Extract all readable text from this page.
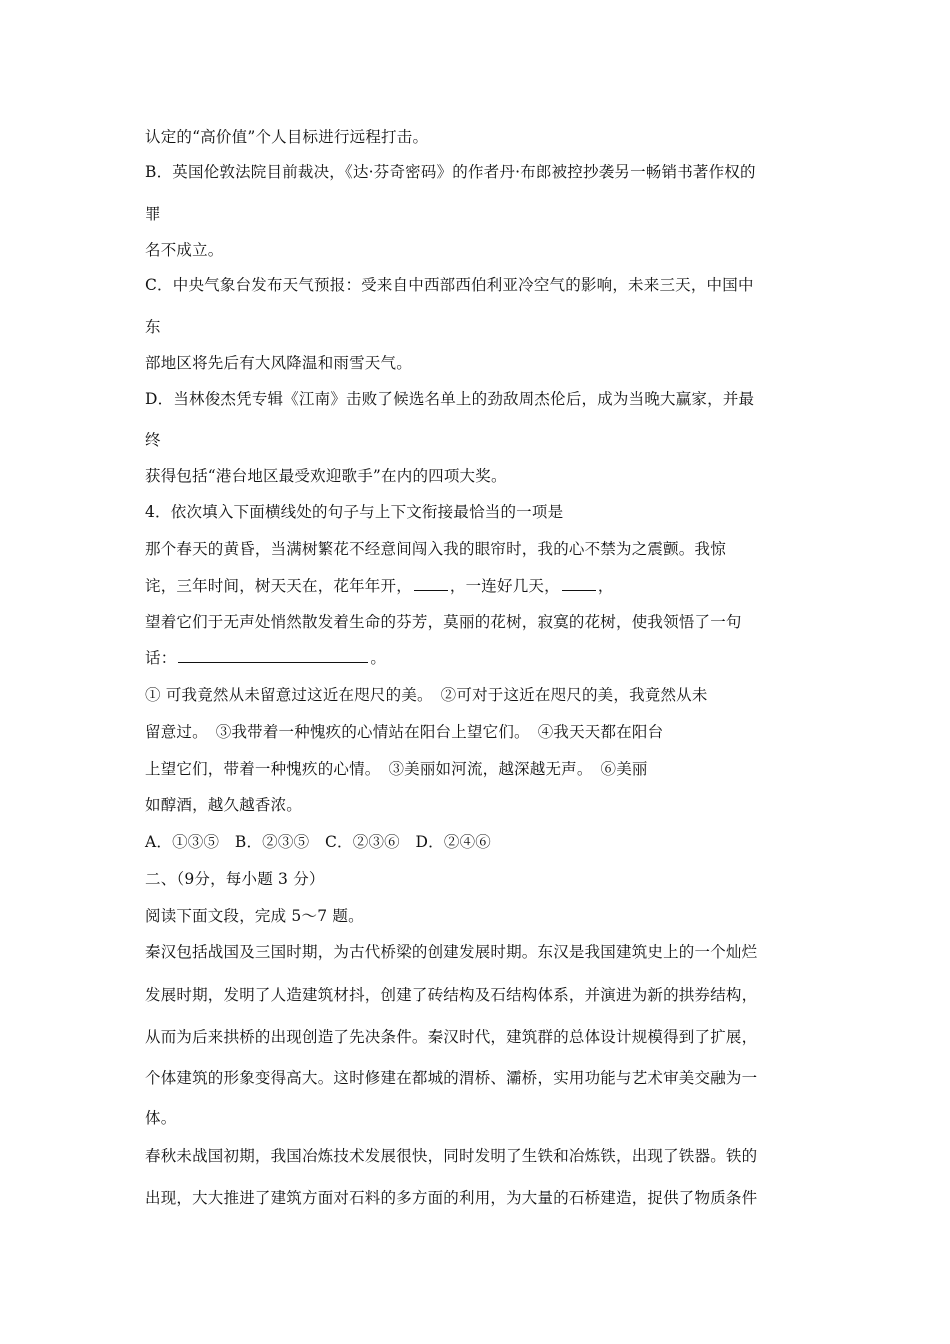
认定的“高价值”个人目标进行远程打击。
B．英国伦敦法院目前裁决，《达·芬奇密码》的作者丹·布郎被控抄袭另一畅销书著作权的
罪
名不成立。
C．中央气象台发布天气预报：受来自中西部西伯利亚冷空气的影响，未来三天，中国中
东
部地区将先后有大风降温和雨雪天气。
D．当林俊杰凭专辑《江南》击败了候选名单上的劲敌周杰伦后，成为当晚大赢家，并最
终
获得包括“港台地区最受欢迎歌手”在内的四项大奖。
4．依次填入下面横线处的句子与上下文衔接最恰当的一项是
那个春天的黄昏，当满树繁花不经意间闯入我的眼帘时，我的心不禁为之震颤。我惊
诧，三年时间，树天天在，花年年开， ，一连好几天， ，
望着它们于无声处悄然散发着生命的芬芳，莫丽的花树，寂寞的花树，使我领悟了一句
话：	。
① 可我竟然从未留意过这近在咫尺的美。　②可对于这近在咫尺的美，我竟然从未
留意过。　③我带着一种愧疚的心情站在阳台上望它们。　④我天天都在阳台
上望它们，带着一种愧疚的心情。　③美丽如河流，越深越无声。　⑥美丽
如醇酒，越久越香浓。
A．①③⑤　B．②③⑤　C．②③⑥　D．②④⑥
二、（9分，每小题 3 分）
阅读下面文段，完成 5～7 题。
秦汉包括战国及三国时期，为古代桥梁的创建发展时期。东汉是我国建筑史上的一个灿烂
发展时期，发明了人造建筑材抖，创建了砖结构及石结构体系，并演进为新的拱券结构，
从而为后来拱桥的出现创造了先决条件。秦汉时代，建筑群的总体设计规模得到了扩展，
个体建筑的形象变得高大。这时修建在都城的渭桥、灞桥，实用功能与艺术审美交融为一
体。
春秋未战国初期，我国冶炼技术发展很快，同时发明了生铁和冶炼铁，出现了铁器。铁的
出现，大大推进了建筑方面对石料的多方面的利用，为大量的石桥建造，捉供了物质条件
